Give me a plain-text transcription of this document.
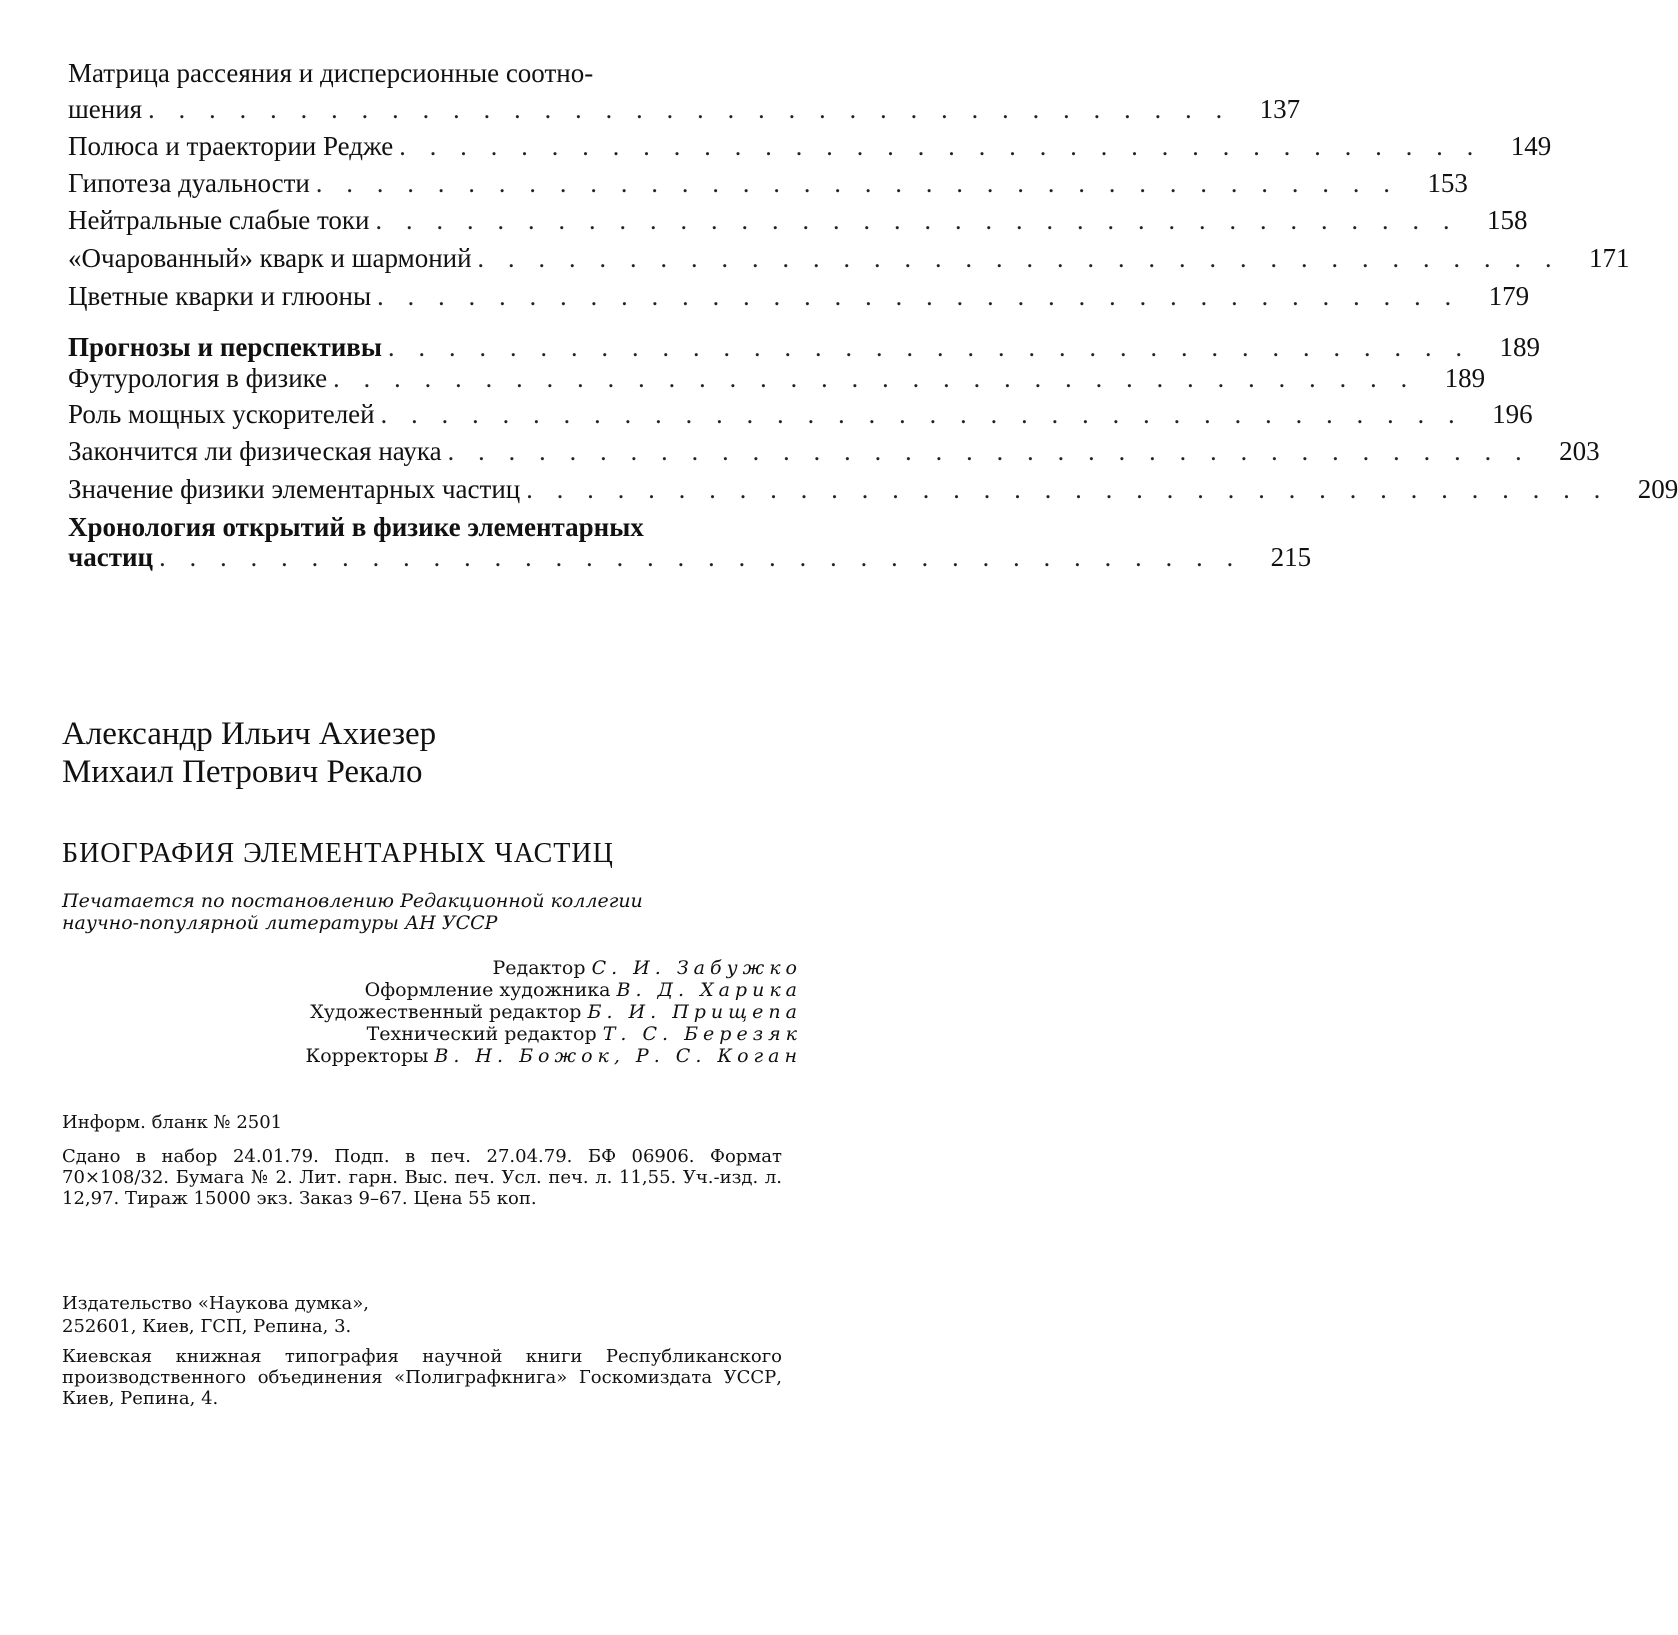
Матрица рассеяния и дисперсионные соотно-
шения .................................... 137
Полюса и траектории Редже .................................... 149
Гипотеза дуальности .................................... 153
Нейтральные слабые токи .................................... 158
«Очарованный» кварк и шармоний .................................... 171
Цветные кварки и глюоны .................................... 179
Прогнозы и перспективы .................................... 189
Футурология в физике .................................... 189
Роль мощных ускорителей .................................... 196
Закончится ли физическая наука .................................... 203
Значение физики элементарных частиц .................................... 209
Хронология открытий в физике элементарных
частиц .................................... 215
Александр Ильич Ахиезер
Михаил Петрович Рекало
БИОГРАФИЯ ЭЛЕМЕНТАРНЫХ ЧАСТИЦ
Печатается по постановлению Редакционной коллегии
научно-популярной литературы АН УССР
Редактор С. И. Забужко
Оформление художника В. Д. Харика
Художественный редактор Б. И. Прищепа
Технический редактор Т. С. Березяк
Корректоры В. Н. Божок, Р. С. Коган
Информ. бланк № 2501
Сдано в набор 24.01.79. Подп. в печ. 27.04.79. БФ 06906. Формат 70×108/32. Бумага № 2. Лит. гарн. Выс. печ. Усл. печ. л. 11,55. Уч.-изд. л. 12,97. Тираж 15000 экз. Заказ 9–67. Цена 55 коп.
Издательство «Наукова думка»,
252601, Киев, ГСП, Репина, 3.
Киевская книжная типография научной книги Республиканского производственного объединения «Полиграфкнига» Госкомиздата УССР, Киев, Репина, 4.
